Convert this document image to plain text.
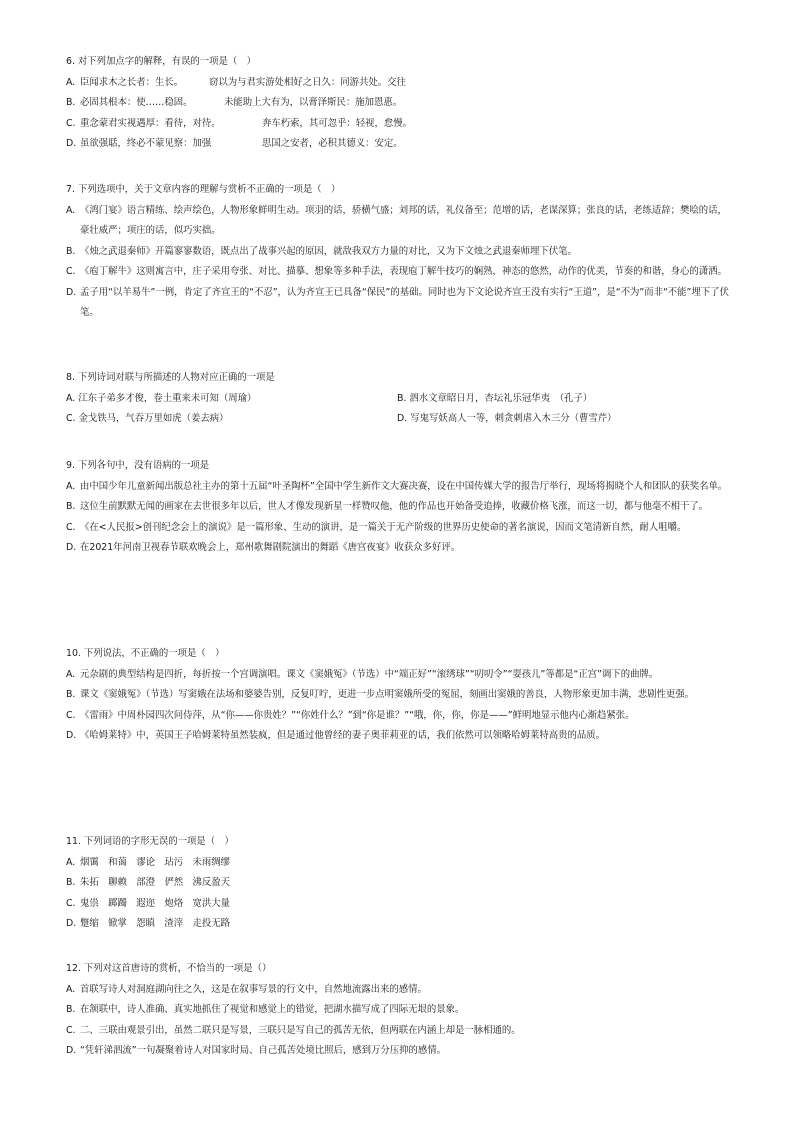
6. 对下列加点字的解释，有误的一项是（　）
A. 臣闻求木之长者：生长。	窃以为与君实游处相好之日久：同游共处。交往
B. 必固其根本：使……稳固。	未能助上大有为，以膏泽斯民：施加恩惠。
C. 重念蒙君实视遇厚：看待，对待。	奔车朽索，其可忽乎：轻视，怠慢。
D. 虽欲强聒，终必不蒙见察：加强	思国之安者，必积其德义：安定。
7. 下列选项中，关于文章内容的理解与赏析不正确的一项是（　）
A. 《鸿门宴》语言精练、绘声绘色，人物形象鲜明生动。项羽的话，骄横气盛；刘邦的话，礼仪备至；范增的话，老谋深算；张良的话，老练适辞；樊哙的话，豪壮威严；项庄的话，似巧实拙。
B. 《烛之武退秦师》开篇寥寥数语，既点出了战事兴起的原因，就敌我双方力量的对比，又为下文烛之武退秦师埋下伏笔。
C. 《庖丁解牛》这则寓言中，庄子采用夸张、对比、描摹、想象等多种手法，表现庖丁解牛技巧的娴熟，神态的悠然，动作的优美，节奏的和谐，身心的潇洒。
D. 孟子用“以羊易牛”一例，肯定了齐宣王的“不忍”，认为齐宣王已具备“保民”的基础。同时也为下文论说齐宣王没有实行“王道”，是“不为”而非“不能”埋下了伏笔。
8. 下列诗词对联与所描述的人物对应正确的一项是
A. 江东子弟多才俊，卷土重来未可知（周瑜）	B. 泗水文章昭日月，杏坛礼乐冠华夷　（孔子）
C. 金戈铁马，气吞万里如虎（姜去病）	D. 写鬼写妖高人一等，刺贪刺虐入木三分（曹雪芹）
9. 下列各句中，没有语病的一项是
A. 由中国少年儿童新闻出版总社主办的第十五届“叶圣陶杯”全国中学生新作文大赛决赛，设在中国传媒大学的报告厅举行，现场将揭晓个人和团队的获奖名单。
B. 这位生前默默无闻的画家在去世很多年以后，世人才像发现新星一样赞叹他，他的作品也开始备受追捧，收藏价格飞涨，而这一切，都与他毫不相干了。
C. 《在<人民报>创刊纪念会上的演说》是一篇形象、生动的演讲，是一篇关于无产阶级的世界历史使命的著名演说，因而文笔清新自然，耐人咀嚼。
D. 在2021年河南卫视春节联欢晚会上，郑州歌舞剧院演出的舞蹈《唐宫夜宴》收获众多好评。
10. 下列说法，不正确的一项是（　）
A. 元杂剧的典型结构是四折，每折按一个宫调演唱。课文《窦娥冤》（节选）中“端正好”“滚绣球”“叨叨令”“耍孩儿”等都是“正宫”调下的曲牌。
B. 课文《窦娥冤》（节选）写窦娥在法场和婆婆告别，反复叮咛，更进一步点明窦娥所受的冤屈，刻画出窦娥的善良，人物形象更加丰满，悲剧性更强。
C. 《雷雨》中周朴园四次问侍萍，从“你——你贵姓？”“你姓什么？”到“你是谁？”“哦，你，你，你是——”鲜明地显示他内心渐趋紧张。
D. 《哈姆莱特》中，英国王子哈姆莱特虽然装疯，但是通过他曾经的妻子奥菲莉亚的话，我们依然可以领略哈姆莱特高贵的品质。
11. 下列词语的字形无误的一项是（　）
A. 烟霭　和蔼　谬论　玷污　未雨绸缪
B. 朱拓　聊赖　部澄　俨然　沸反盈天
C. 鬼祟　踯躅　遐迩　炮烙　宽洪大量
D. 蹩缩　锨掌　怨瞋　渣滓　走投无路
12. 下列对这首唐诗的赏析，不恰当的一项是（）
A. 首联写诗人对洞庭湖向往之久，这是在叙事写景的行文中，自然地流露出来的感情。
B. 在颔联中，诗人准确、真实地抓住了视觉和感觉上的错觉，把湖水描写成了四际无垠的景象。
C. 二、三联由观景引出，虽然二联只是写景，三联只是写自己的孤苦无依，但两联在内涵上却是一脉相通的。
D. “凭轩涕泗流”一句凝聚着诗人对国家时局、自己孤苦处境比照后，感到万分压抑的感情。
